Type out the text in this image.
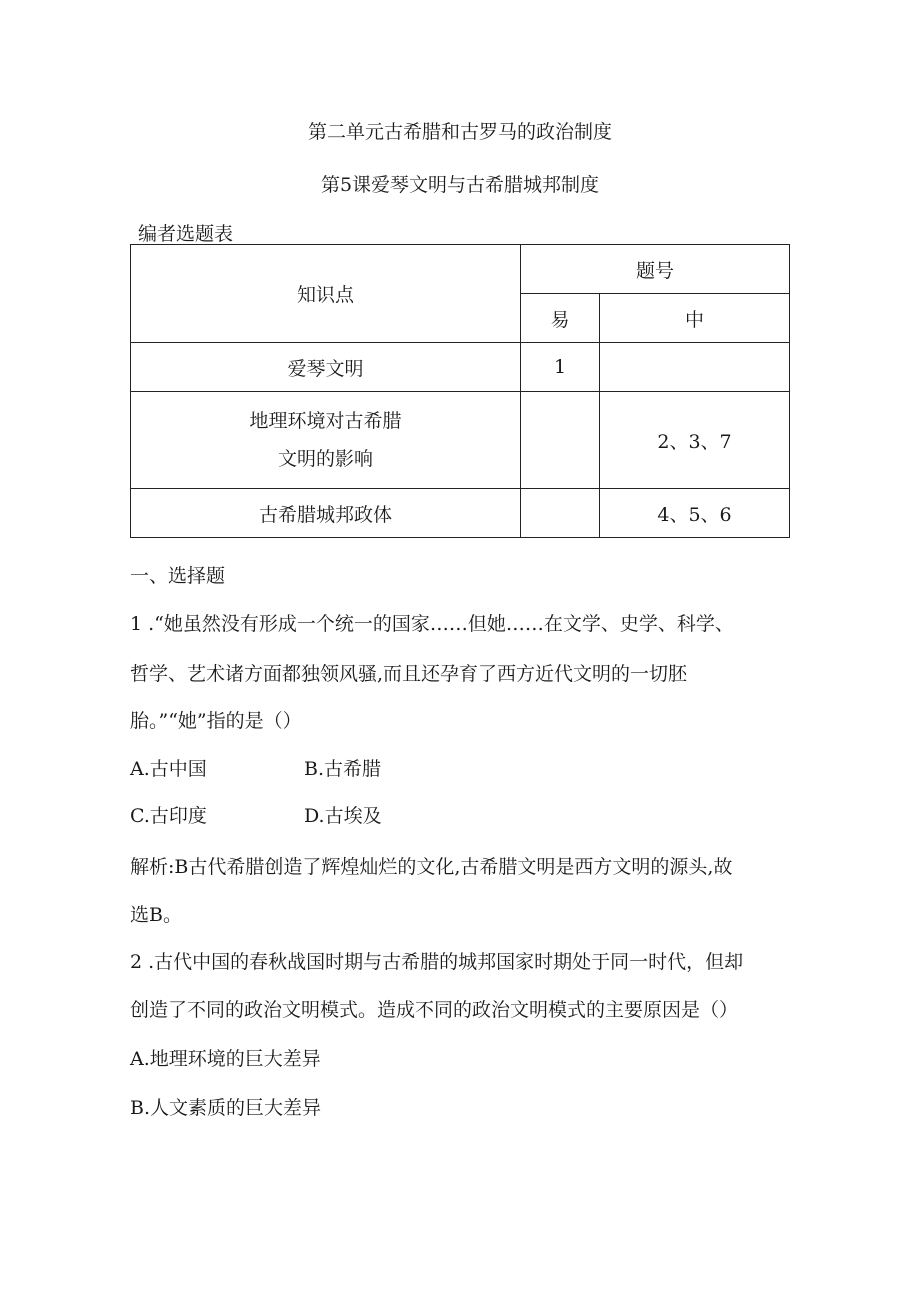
第二单元古希腊和古罗马的政治制度
第5课爱琴文明与古希腊城邦制度
编者选题表
知识点	题号	
	易	中
爱琴文明	1	

地理环境对古希腊
文明的影响		2、3、7
古希腊城邦政体		4、5、6
一、选择题
1 .“她虽然没有形成一个统一的国家……但她……在文学、史学、科学、
哲学、艺术诸方面都独领风骚,而且还孕育了西方近代文明的一切胚
胎。”“她”指的是（）
A.古中国	B.古希腊
C.古印度	D.古埃及
解析:B古代希腊创造了辉煌灿烂的文化,古希腊文明是西方文明的源头,故
选B。
2 .古代中国的春秋战国时期与古希腊的城邦国家时期处于同一时代，但却
创造了不同的政治文明模式。造成不同的政治文明模式的主要原因是（）
A.地理环境的巨大差异
B.人文素质的巨大差异
